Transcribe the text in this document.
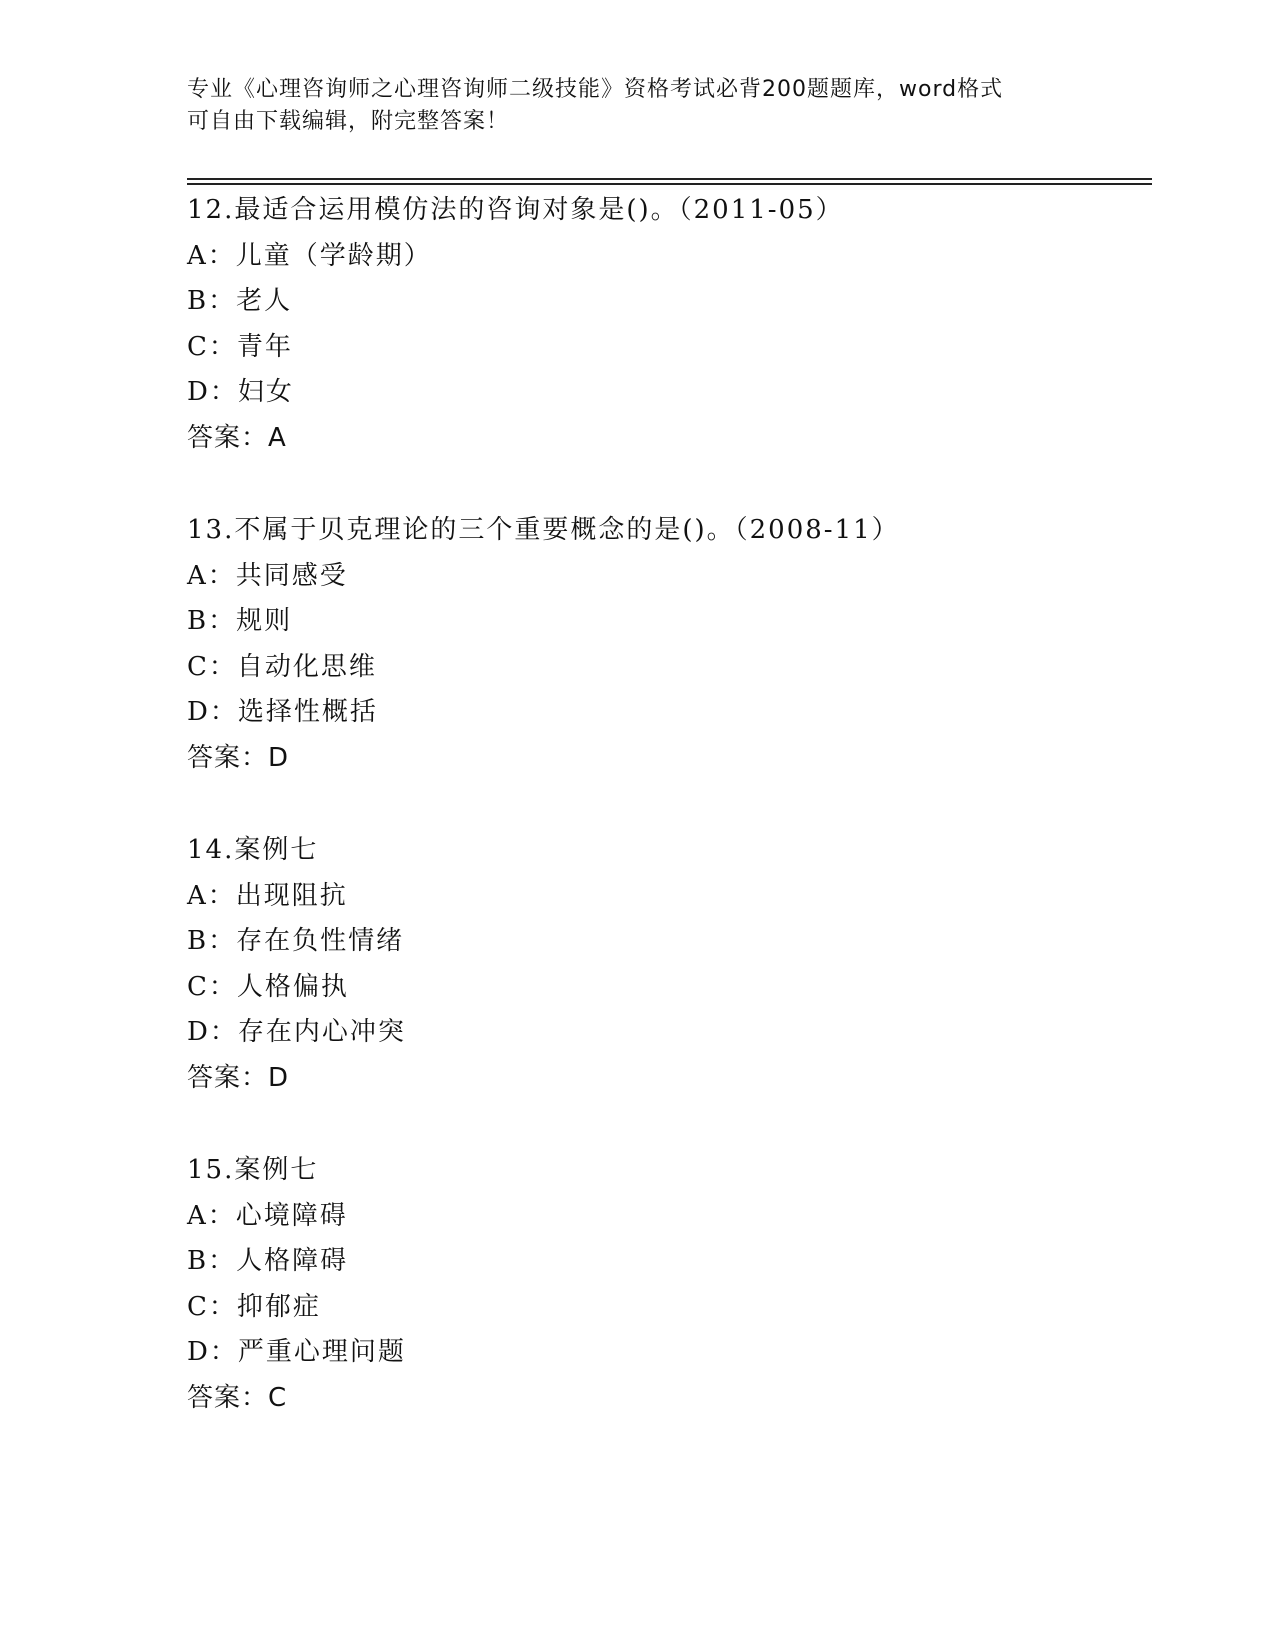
专业《心理咨询师之心理咨询师二级技能》资格考试必背200题题库，word格式
可自由下载编辑，附完整答案！
12.最适合运用模仿法的咨询对象是()。（2011-05）
A：儿童（学龄期）
B：老人
C：青年
D：妇女
答案：A
13.不属于贝克理论的三个重要概念的是()。（2008-11）
A：共同感受
B：规则
C：自动化思维
D：选择性概括
答案：D
14.案例七
A：出现阻抗
B：存在负性情绪
C：人格偏执
D：存在内心冲突
答案：D
15.案例七
A：心境障碍
B：人格障碍
C：抑郁症
D：严重心理问题
答案：C
